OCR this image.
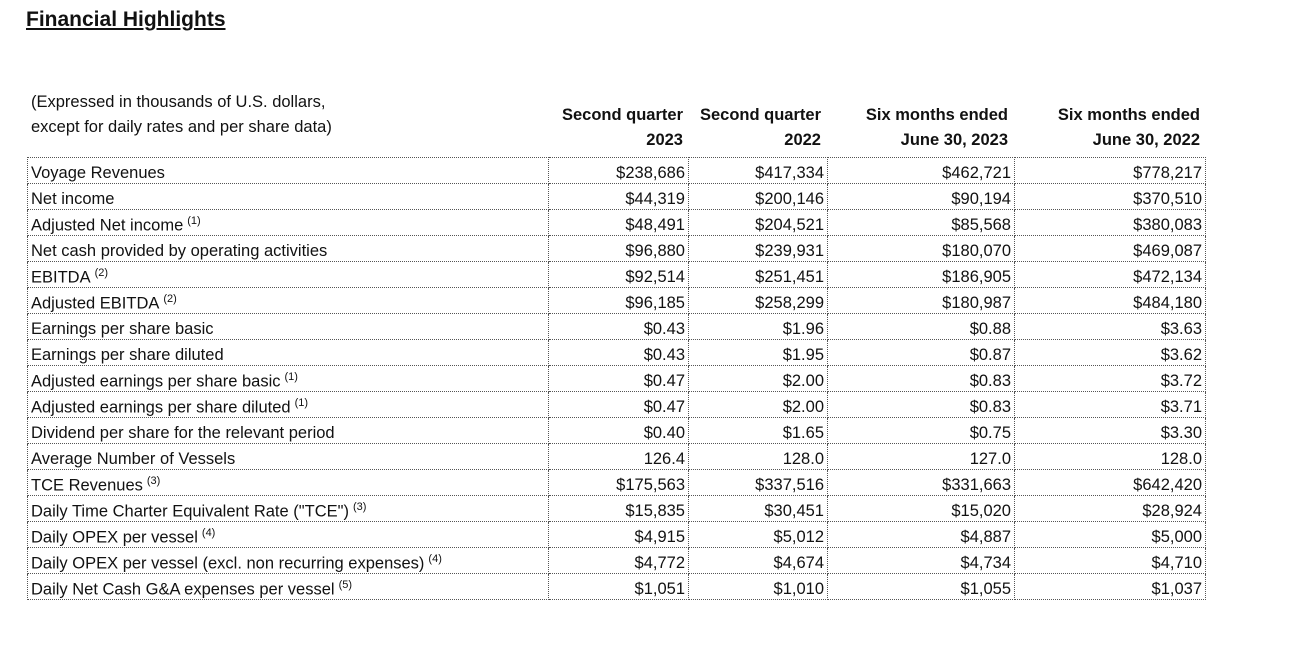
Financial Highlights
(Expressed in thousands of U.S. dollars,
except for daily rates and per share data)
Second quarter
2023
Second quarter
2022
Six months ended
June 30, 2023
Six months ended
June 30, 2022
Voyage Revenues	$238,686	$417,334	$462,721	$778,217
Net income	$44,319	$200,146	$90,194	$370,510
Adjusted Net income $^{(1)}$	$48,491	$204,521	$85,568	$380,083
Net cash provided by operating activities	$96,880	$239,931	$180,070	$469,087
EBITDA $^{(2)}$	$92,514	$251,451	$186,905	$472,134
Adjusted EBITDA $^{(2)}$	$96,185	$258,299	$180,987	$484,180
Earnings per share basic	$0.43	$1.96	$0.88	$3.63
Earnings per share diluted	$0.43	$1.95	$0.87	$3.62
Adjusted earnings per share basic $^{(1)}$	$0.47	$2.00	$0.83	$3.72
Adjusted earnings per share diluted $^{(1)}$	$0.47	$2.00	$0.83	$3.71
Dividend per share for the relevant period	$0.40	$1.65	$0.75	$3.30
Average Number of Vessels	126.4	128.0	127.0	128.0
TCE Revenues $^{(3)}$	$175,563	$337,516	$331,663	$642,420
Daily Time Charter Equivalent Rate ("TCE") $^{(3)}$	$15,835	$30,451	$15,020	$28,924
Daily OPEX per vessel $^{(4)}$	$4,915	$5,012	$4,887	$5,000
Daily OPEX per vessel (excl. non recurring expenses) $^{(4)}$	$4,772	$4,674	$4,734	$4,710
Daily Net Cash G&A expenses per vessel $^{(5)}$	$1,051	$1,010	$1,055	$1,037
